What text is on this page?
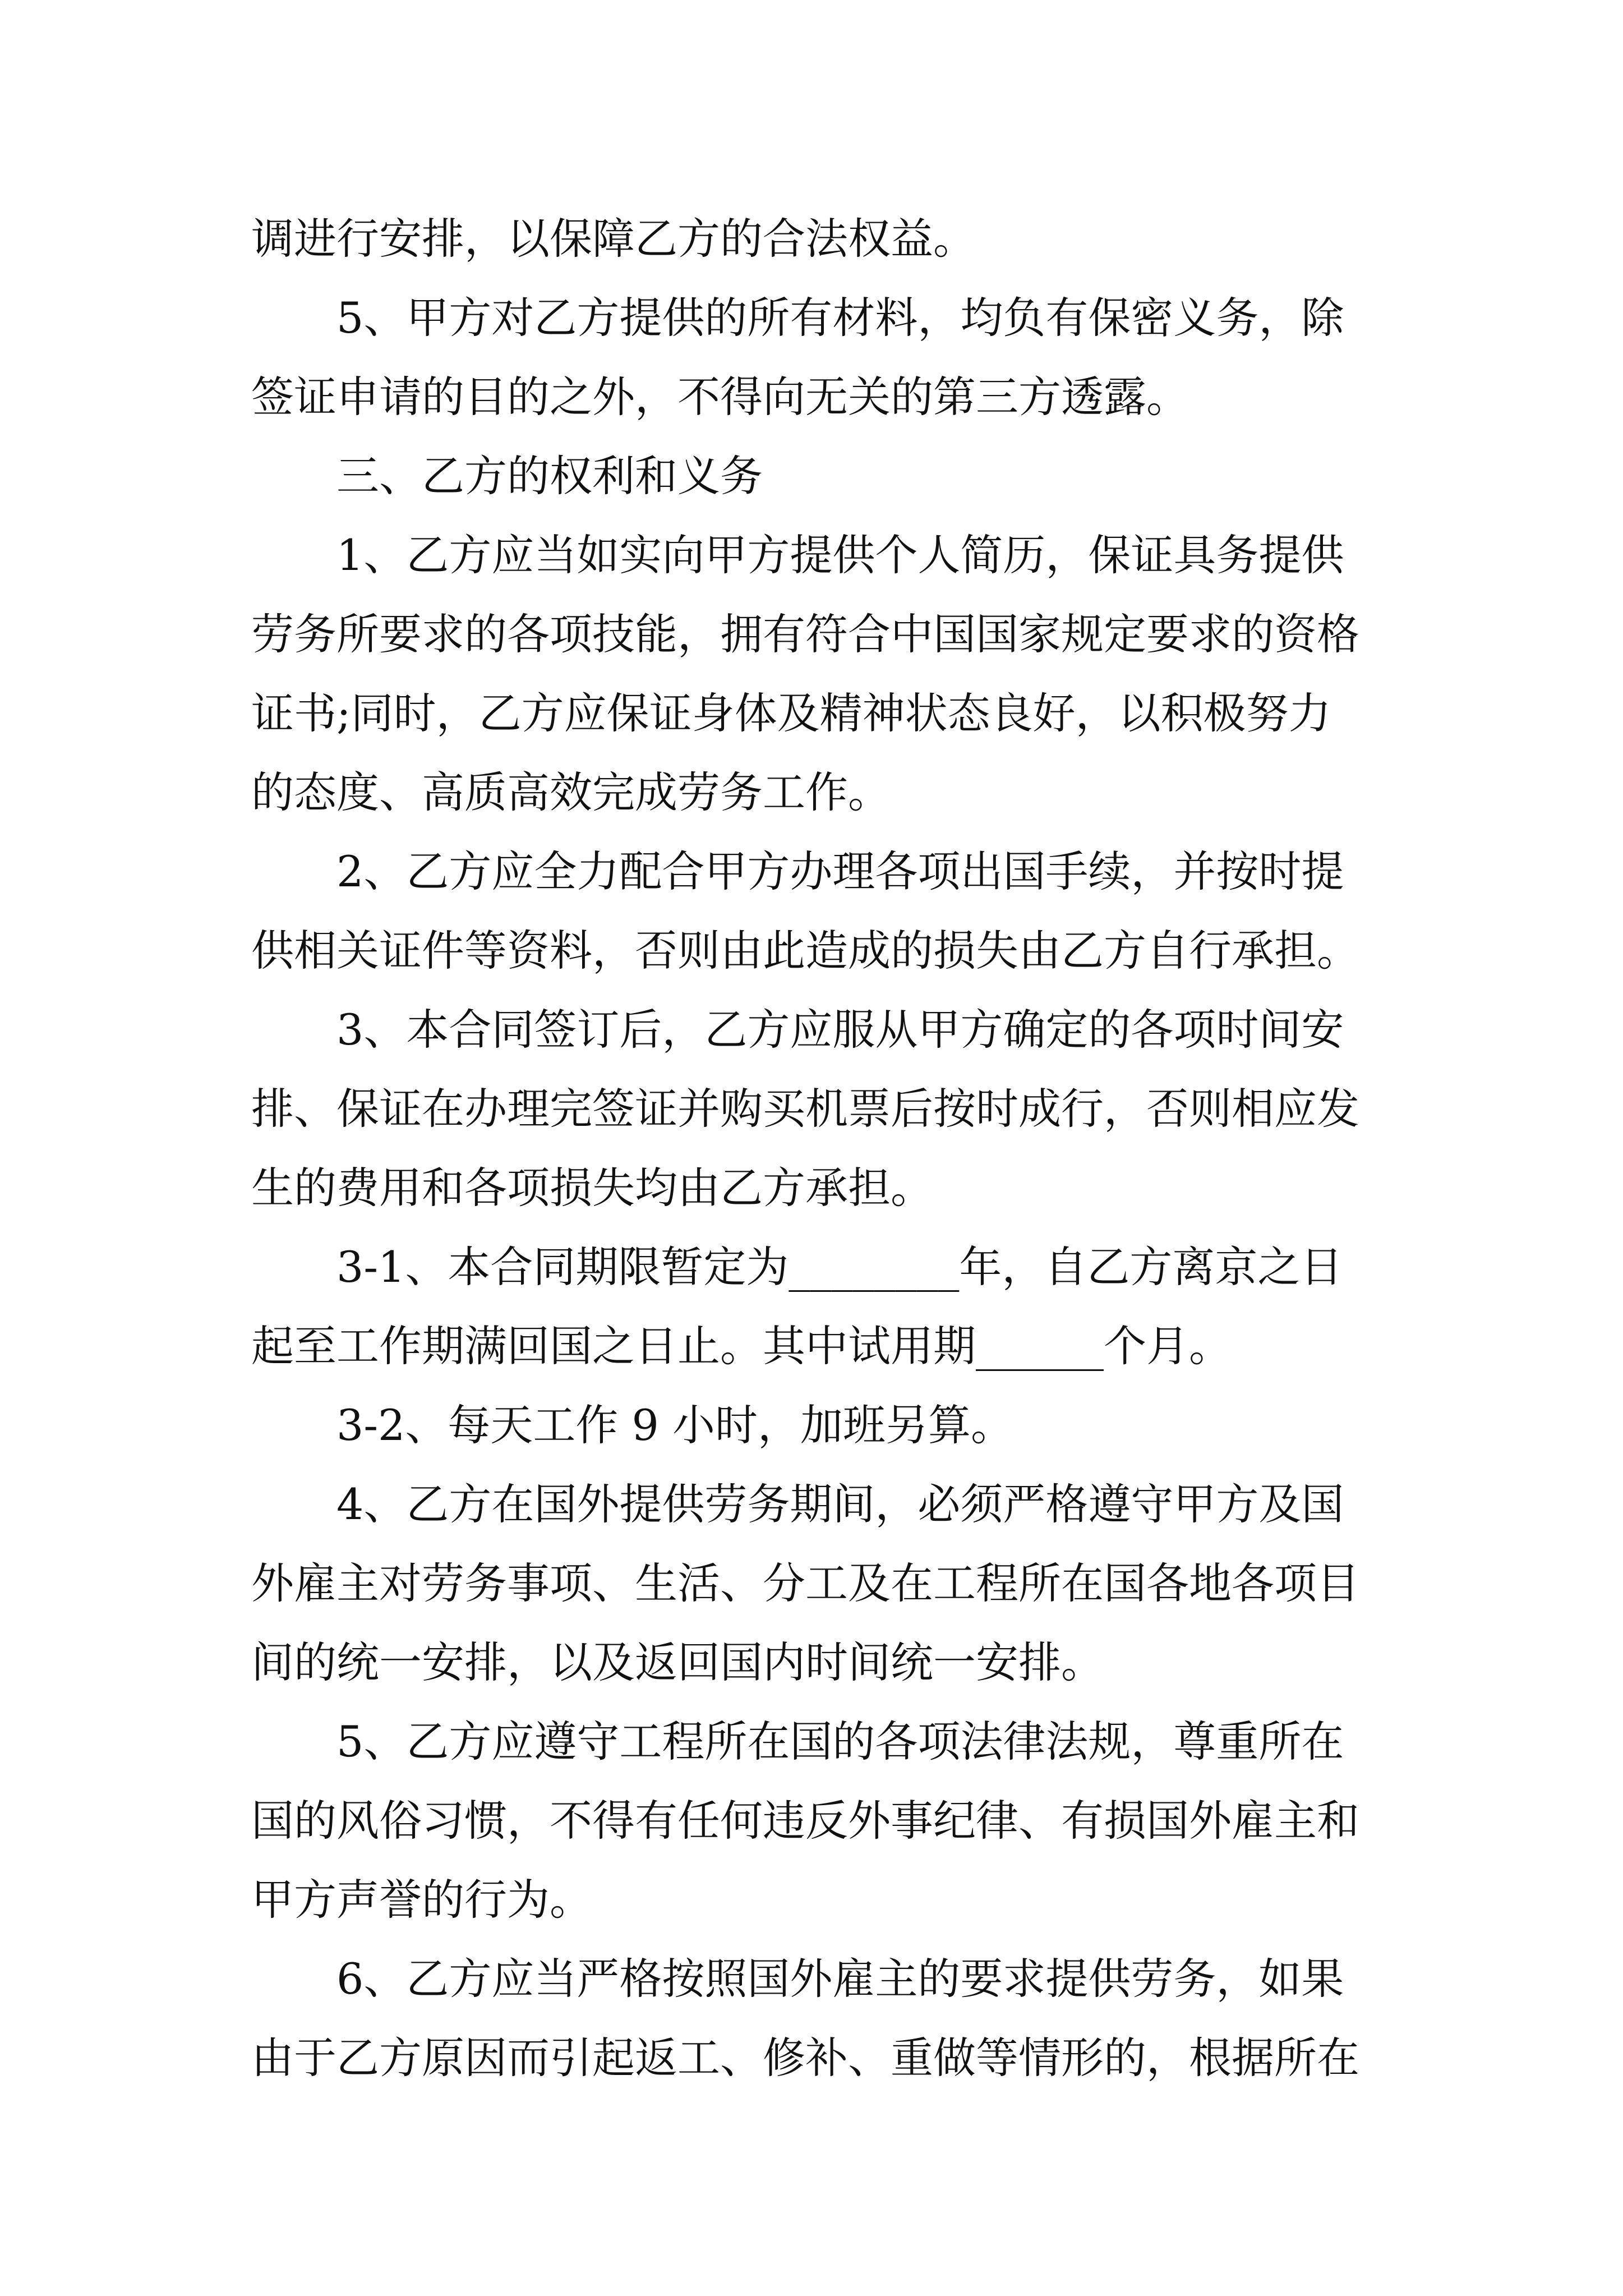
调进行安排，以保障乙方的合法权益。
5、甲方对乙方提供的所有材料，均负有保密义务，除
签证申请的目的之外，不得向无关的第三方透露。
三、乙方的权利和义务
1、乙方应当如实向甲方提供个人简历，保证具务提供
劳务所要求的各项技能，拥有符合中国国家规定要求的资格
证书;同时，乙方应保证身体及精神状态良好，以积极努力
的态度、高质高效完成劳务工作。
2、乙方应全力配合甲方办理各项出国手续，并按时提
供相关证件等资料，否则由此造成的损失由乙方自行承担。
3、本合同签订后，乙方应服从甲方确定的各项时间安
排、保证在办理完签证并购买机票后按时成行，否则相应发
生的费用和各项损失均由乙方承担。
3-1、本合同期限暂定为________年，自乙方离京之日
起至工作期满回国之日止。其中试用期______个月。
3-2、每天工作 9 小时，加班另算。
4、乙方在国外提供劳务期间，必须严格遵守甲方及国
外雇主对劳务事项、生活、分工及在工程所在国各地各项目
间的统一安排，以及返回国内时间统一安排。
5、乙方应遵守工程所在国的各项法律法规，尊重所在
国的风俗习惯，不得有任何违反外事纪律、有损国外雇主和
甲方声誉的行为。
6、乙方应当严格按照国外雇主的要求提供劳务，如果
由于乙方原因而引起返工、修补、重做等情形的，根据所在
